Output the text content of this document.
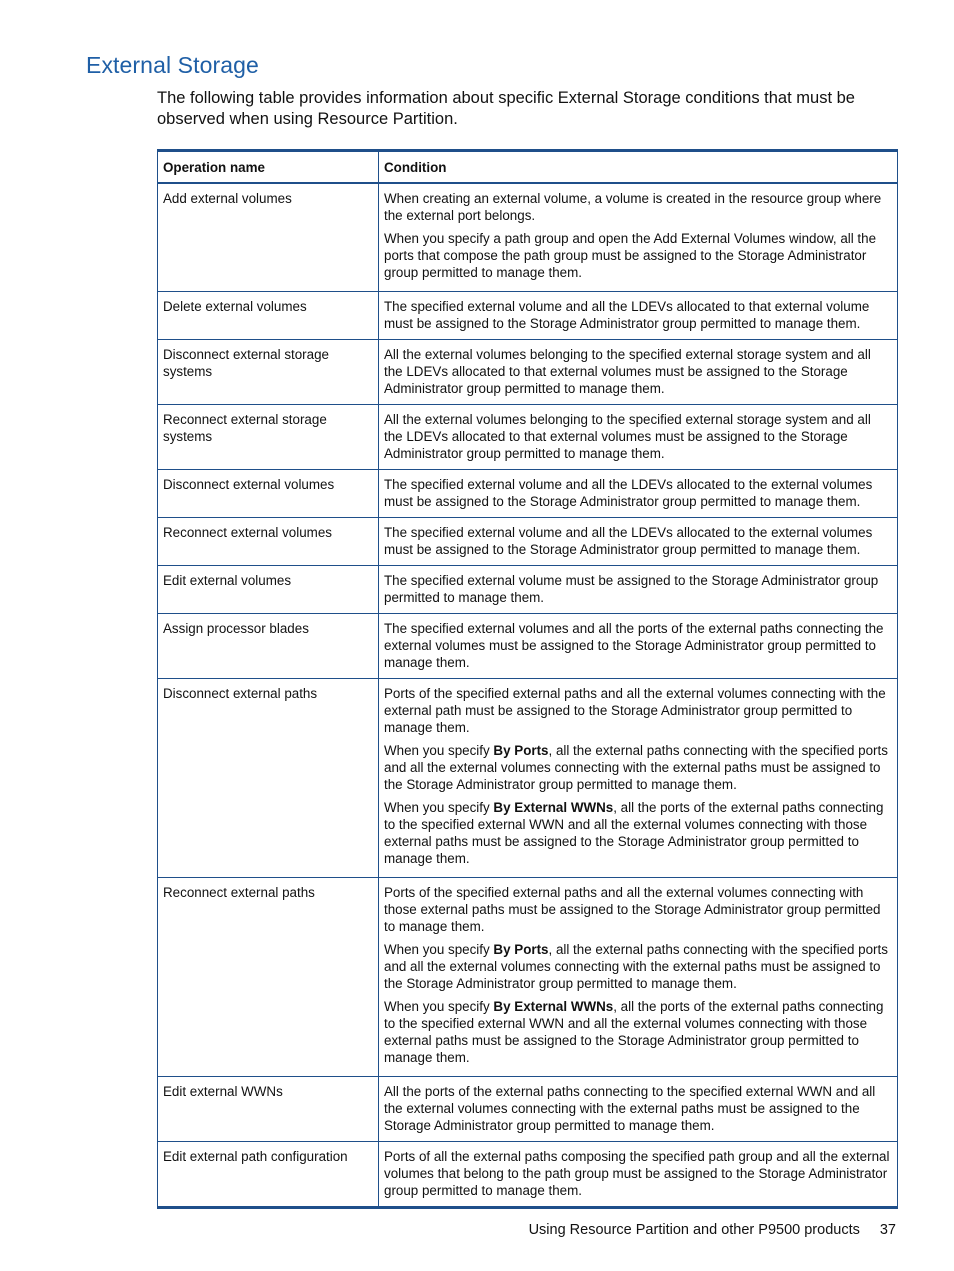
External Storage

The following table provides information about specific External Storage conditions that must be observed when using Resource Partition.

Operation name	Condition
Add external volumes	When creating an external volume, a volume is created in the resource group where the external port belongs.

When you specify a path group and open the Add External Volumes window, all the ports that compose the path group must be assigned to the Storage Administrator group permitted to manage them.

Delete external volumes	The specified external volume and all the LDEVs allocated to that external volume must be assigned to the Storage Administrator group permitted to manage them.

Disconnect external storage systems	All the external volumes belonging to the specified external storage system and all the LDEVs allocated to that external volumes must be assigned to the Storage Administrator group permitted to manage them.

Reconnect external storage systems	All the external volumes belonging to the specified external storage system and all the LDEVs allocated to that external volumes must be assigned to the Storage Administrator group permitted to manage them.

Disconnect external volumes	The specified external volume and all the LDEVs allocated to the external volumes must be assigned to the Storage Administrator group permitted to manage them.

Reconnect external volumes	The specified external volume and all the LDEVs allocated to the external volumes must be assigned to the Storage Administrator group permitted to manage them.

Edit external volumes	The specified external volume must be assigned to the Storage Administrator group permitted to manage them.

Assign processor blades	The specified external volumes and all the ports of the external paths connecting the external volumes must be assigned to the Storage Administrator group permitted to manage them.

Disconnect external paths	Ports of the specified external paths and all the external volumes connecting with the external path must be assigned to the Storage Administrator group permitted to manage them.

When you specify By Ports, all the external paths connecting with the specified ports and all the external volumes connecting with the external paths must be assigned to the Storage Administrator group permitted to manage them.

When you specify By External WWNs, all the ports of the external paths connecting to the specified external WWN and all the external volumes connecting with those external paths must be assigned to the Storage Administrator group permitted to manage them.

Reconnect external paths	Ports of the specified external paths and all the external volumes connecting with those external paths must be assigned to the Storage Administrator group permitted to manage them.

When you specify By Ports, all the external paths connecting with the specified ports and all the external volumes connecting with the external paths must be assigned to the Storage Administrator group permitted to manage them.

When you specify By External WWNs, all the ports of the external paths connecting to the specified external WWN and all the external volumes connecting with those external paths must be assigned to the Storage Administrator group permitted to manage them.

Edit external WWNs	All the ports of the external paths connecting to the specified external WWN and all the external volumes connecting with the external paths must be assigned to the Storage Administrator group permitted to manage them.

Edit external path configuration	Ports of all the external paths composing the specified path group and all the external volumes that belong to the path group must be assigned to the Storage Administrator group permitted to manage them.

Using Resource Partition and other P9500 products 37
